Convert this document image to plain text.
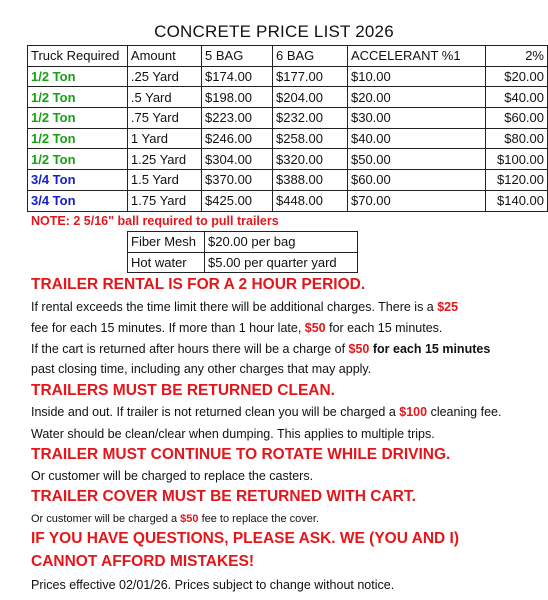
CONCRETE PRICE LIST 2026
Truck Required	Amount	5 BAG	6 BAG	ACCELERANT %1	2%
1/2 Ton	.25 Yard	$174.00	$177.00	$10.00	$20.00
1/2 Ton	.5 Yard	$198.00	$204.00	$20.00	$40.00
1/2 Ton	.75 Yard	$223.00	$232.00	$30.00	$60.00
1/2 Ton	1 Yard	$246.00	$258.00	$40.00	$80.00
1/2 Ton	1.25 Yard	$304.00	$320.00	$50.00	$100.00
3/4 Ton	1.5 Yard	$370.00	$388.00	$60.00	$120.00
3/4 Ton	1.75 Yard	$425.00	$448.00	$70.00	$140.00
NOTE: 2 5/16" ball required to pull trailers
Fiber Mesh	$20.00 per bag
Hot water	$5.00 per quarter yard
TRAILER RENTAL IS FOR A 2 HOUR PERIOD.
If rental exceeds the time limit there will be additional charges. There is a $25
fee for each 15 minutes. If more than 1 hour late, $50 for each 15 minutes.
If the cart is returned after hours there will be a charge of $50 for each 15 minutes
past closing time, including any other charges that may apply.
TRAILERS MUST BE RETURNED CLEAN.
Inside and out. If trailer is not returned clean you will be charged a $100 cleaning fee.
Water should be clean/clear when dumping. This applies to multiple trips.
TRAILER MUST CONTINUE TO ROTATE WHILE DRIVING.
Or customer will be charged to replace the casters.
TRAILER COVER MUST BE RETURNED WITH CART.
Or customer will be charged a $50 fee to replace the cover.
IF YOU HAVE QUESTIONS, PLEASE ASK. WE (YOU AND I)
CANNOT AFFORD MISTAKES!
Prices effective 02/01/26. Prices subject to change without notice.
